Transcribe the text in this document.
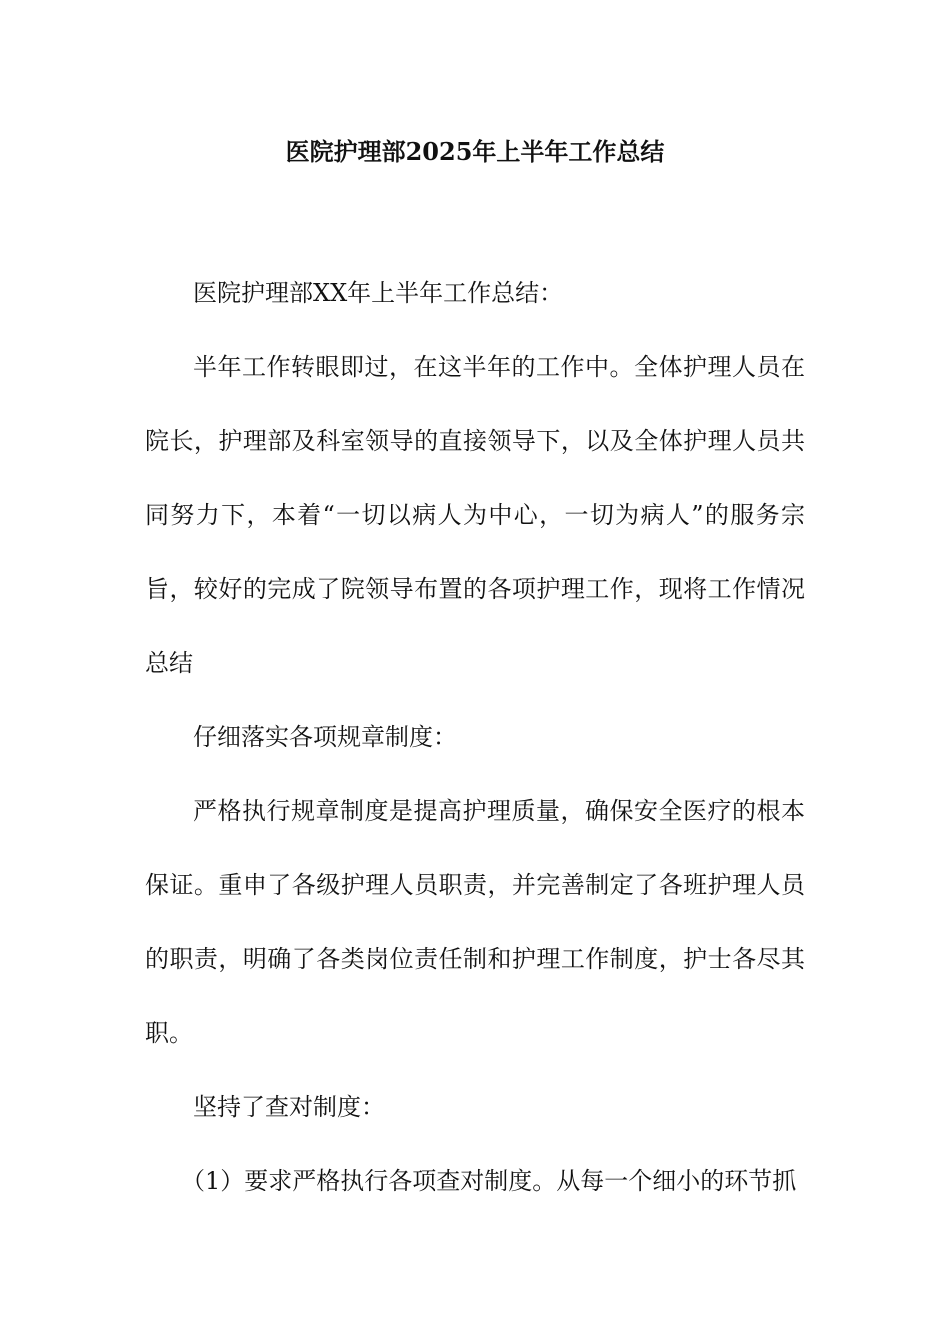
医院护理部2025年上半年工作总结

医院护理部XX年上半年工作总结：

半年工作转眼即过，在这半年的工作中。全体护理人员在院长，护理部及科室领导的直接领导下，以及全体护理人员共同努力下，本着“一切以病人为中心，一切为病人”的服务宗旨，较好的完成了院领导布置的各项护理工作，现将工作情况总结

仔细落实各项规章制度：

严格执行规章制度是提高护理质量，确保安全医疗的根本保证。重申了各级护理人员职责，并完善制定了各班护理人员的职责，明确了各类岗位责任制和护理工作制度，护士各尽其职。

坚持了查对制度：

（1）要求严格执行各项查对制度。从每一个细小的环节抓
